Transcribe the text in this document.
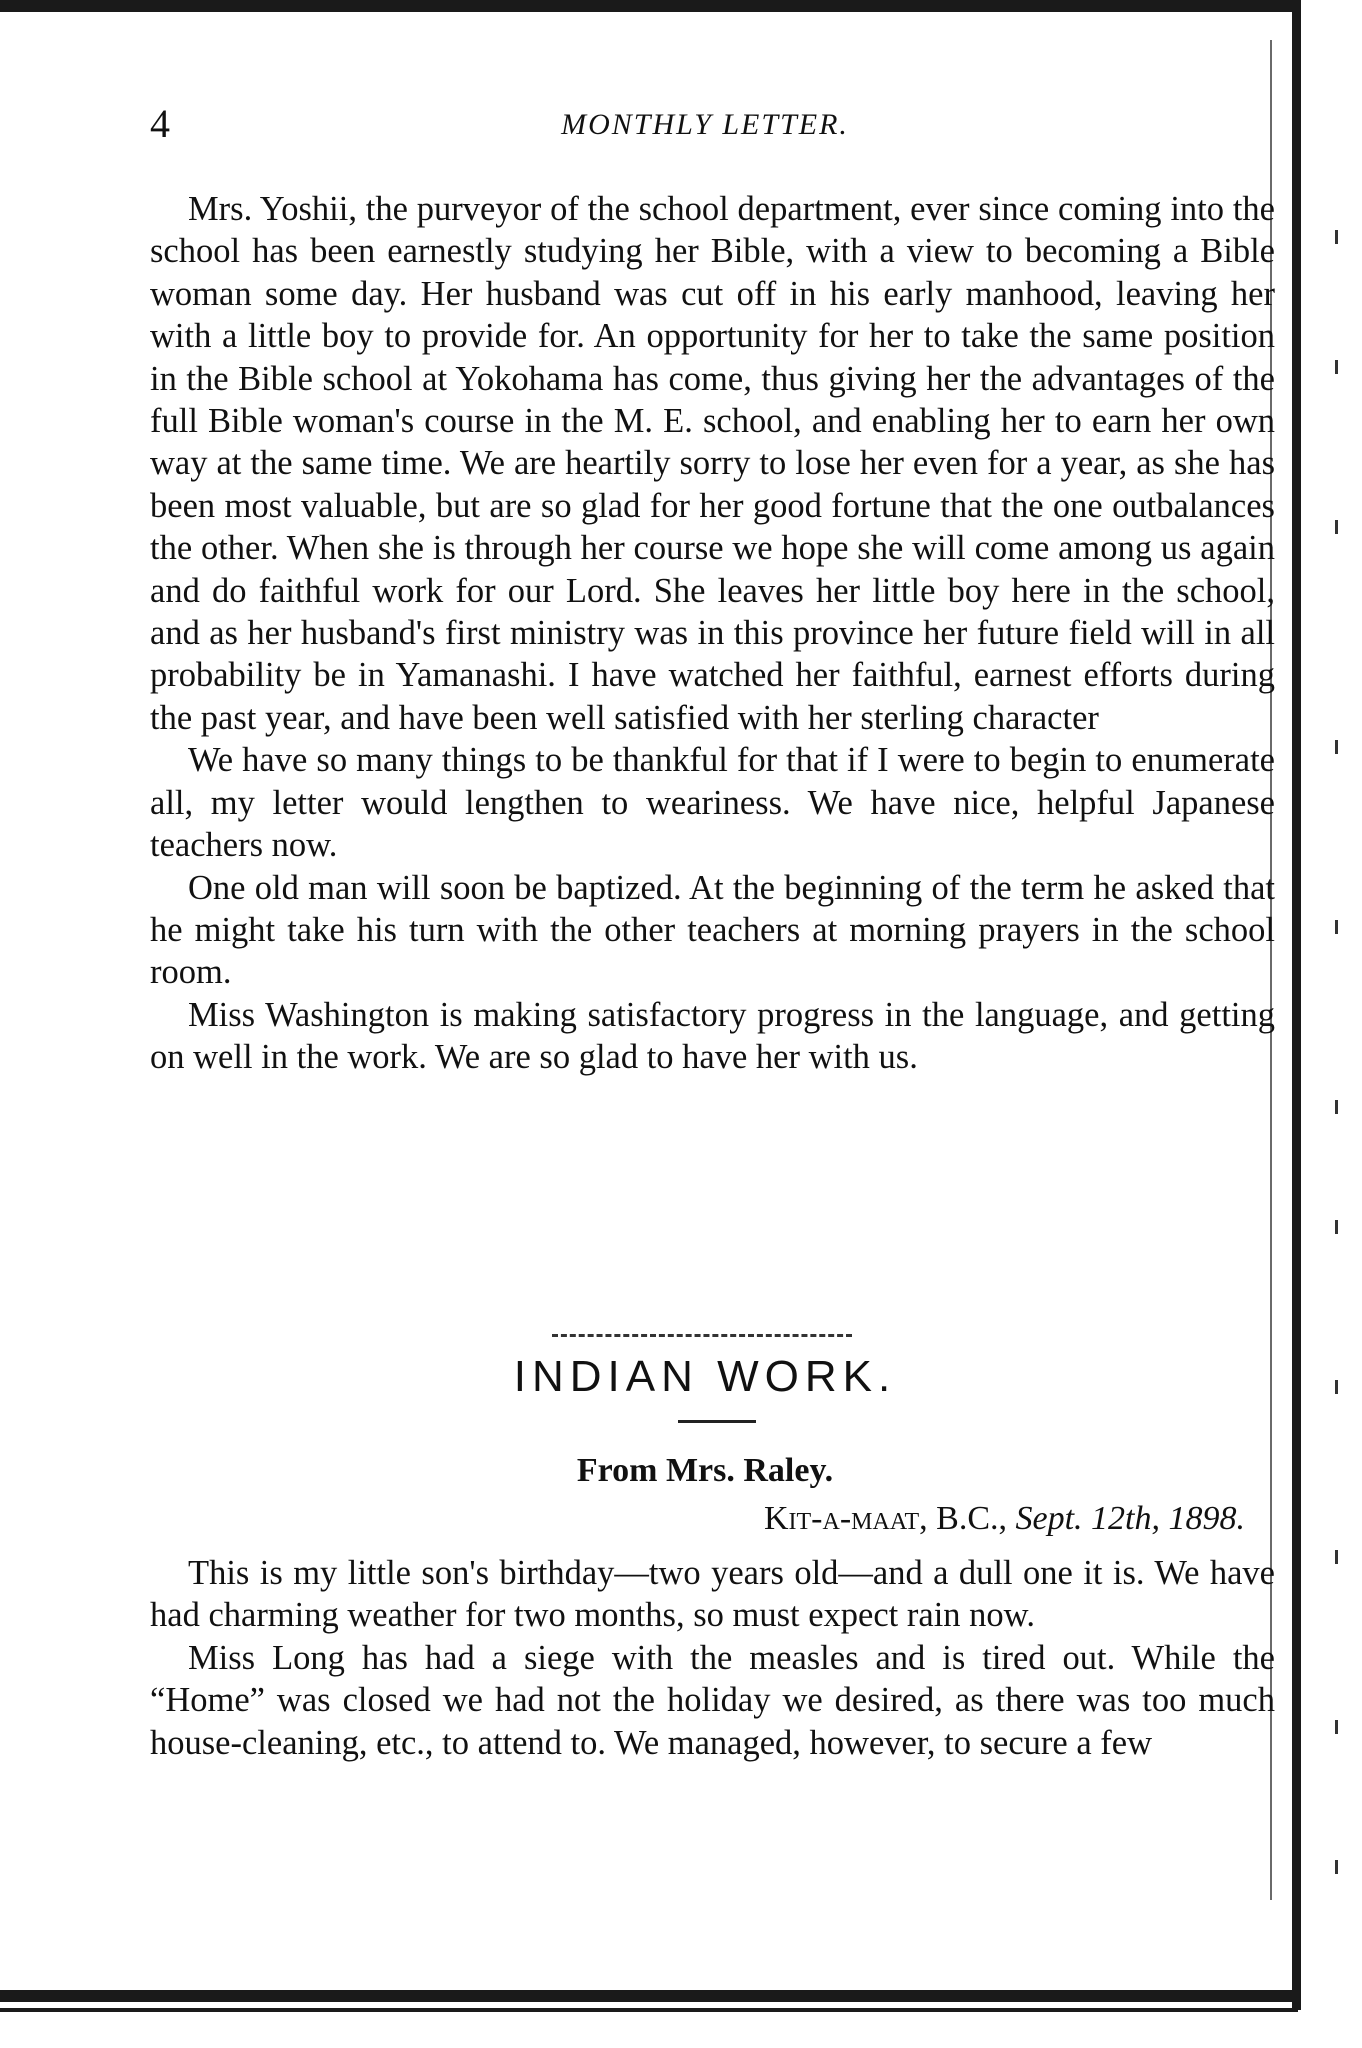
4	MONTHLY LETTER.

Mrs. Yoshii, the purveyor of the school department, ever since coming into the school has been earnestly studying her Bible, with a view to becoming a Bible woman some day. Her husband was cut off in his early manhood, leaving her with a little boy to provide for. An opportunity for her to take the same position in the Bible school at Yokohama has come, thus giving her the advantages of the full Bible woman's course in the M. E. school, and enabling her to earn her own way at the same time. We are heartily sorry to lose her even for a year, as she has been most valuable, but are so glad for her good fortune that the one outbalances the other. When she is through her course we hope she will come among us again and do faithful work for our Lord. She leaves her little boy here in the school, and as her husband's first ministry was in this province her future field will in all probability be in Yamanashi. I have watched her faithful, earnest efforts during the past year, and have been well satisfied with her sterling character

We have so many things to be thankful for that if I were to begin to enumerate all, my letter would lengthen to weariness. We have nice, helpful Japanese teachers now.

One old man will soon be baptized. At the beginning of the term he asked that he might take his turn with the other teachers at morning prayers in the school room.

Miss Washington is making satisfactory progress in the language, and getting on well in the work. We are so glad to have her with us.

INDIAN WORK.
From Mrs. Raley.
Kit-a-maat, B.C., Sept. 12th, 1898.

This is my little son's birthday—two years old—and a dull one it is. We have had charming weather for two months, so must expect rain now.

Miss Long has had a siege with the measles and is tired out. While the “Home” was closed we had not the holiday we desired, as there was too much house-cleaning, etc., to attend to. We managed, however, to secure a few
